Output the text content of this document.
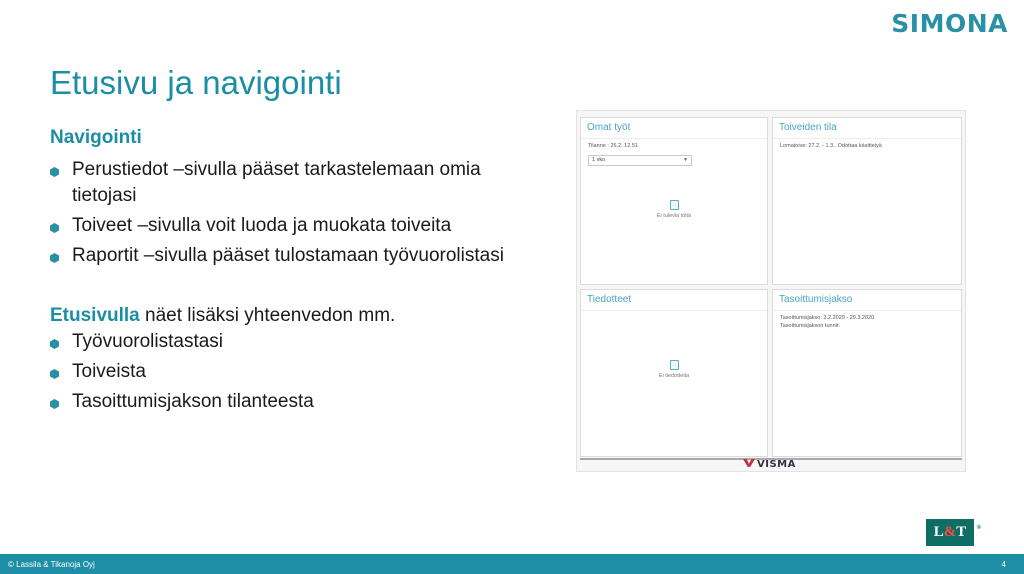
SIMONA
Etusivu ja navigointi
Navigointi
Perustiedot –sivulla pääset tarkastelemaan omia tietojasi
Toiveet –sivulla voit luoda ja muokata toiveita
Raportit –sivulla pääset tulostamaan työvuorolistasi
Etusivulla näet lisäksi yhteenvedon mm.
Työvuorolistastasi
Toiveista
Tasoittumisjakson tilanteesta
Omat työt
Tilanne : 26.2. 12.51
1 vko	▼
Ei tulevia töitä
Toiveiden tila
Lomatoive: 27.2. - 1.3.. Odottaa käsittelyä
Tiedotteet
Ei tiedotteita
Tasoittumisjakso
Tasoittumisjakso: 3.2.2020 - 29.3.2020
Tasoittumisjakson tunnit:
VISMA
L&T ®
© Lassila & Tikanoja Oyj	4
